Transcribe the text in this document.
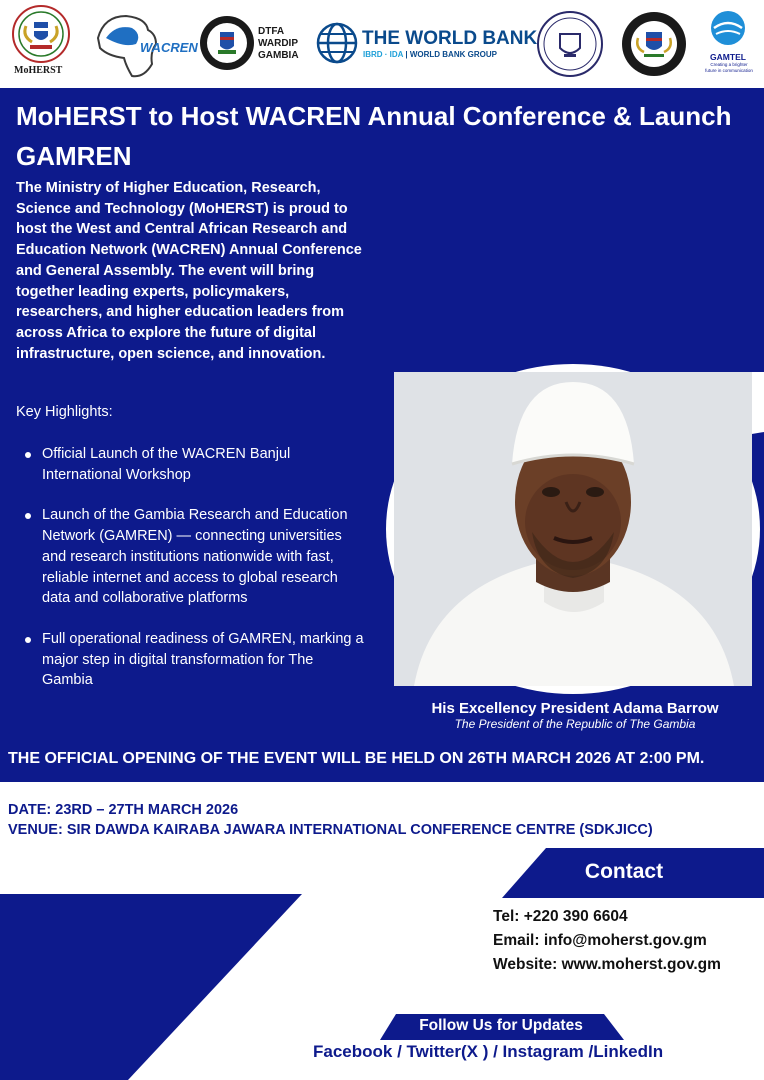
MoHERST
WACREN
DTFA
WARDIP
GAMBIA
THE WORLD BANK
IBRD · IDA | WORLD BANK GROUP	GAMTEL
Creating a brighter
future in communication
MoHERST to Host WACREN Annual Conference & Launch GAMREN

The Ministry of Higher Education, Research, Science and Technology (MoHERST) is proud to host the West and Central African Research and Education Network (WACREN) Annual Conference and General Assembly. The event will bring together leading experts, policymakers, researchers, and higher education leaders from across Africa to explore the future of digital infrastructure, open science, and innovation.

Key Highlights:

Official Launch of the WACREN Banjul International Workshop
Launch of the Gambia Research and Education Network (GAMREN) — connecting universities and research institutions nationwide with fast, reliable internet and access to global research data and collaborative platforms
Full operational readiness of GAMREN, marking a major step in digital transformation for The Gambia

His Excellency President Adama Barrow

The President of the Republic of The Gambia

THE OFFICIAL OPENING OF THE EVENT WILL BE HELD ON 26TH MARCH 2026 AT 2:00 PM.

DATE: 23RD – 27TH MARCH 2026

VENUE: SIR DAWDA KAIRABA JAWARA INTERNATIONAL CONFERENCE CENTRE (SDKJICC)

Contact

Tel: +220 390 6604

Email: info@moherst.gov.gm

Website: www.moherst.gov.gm

Follow Us for Updates

Facebook / Twitter(X ) / Instagram /LinkedIn
